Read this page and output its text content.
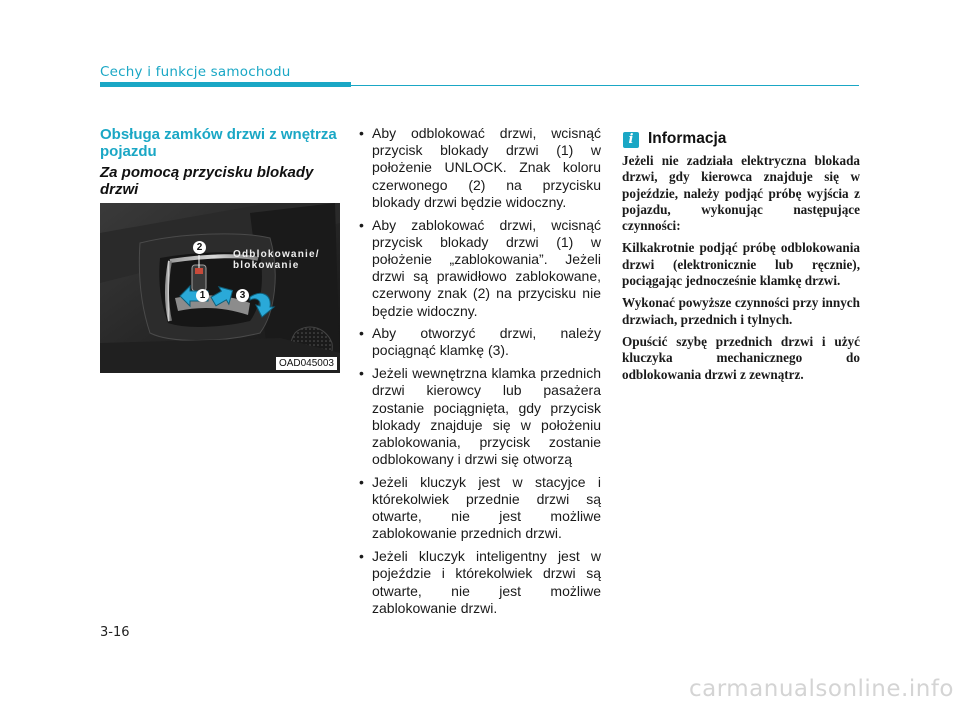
Cechy i funkcje samochodu
Obsługa zamków drzwi z wnętrza pojazdu
Za pomocą przycisku blokady drzwi
Odblokowanie/
blokowanie
2
1	3
OAD045003
• Aby odblokować drzwi, wcisnąć przycisk blokady drzwi (1) w położenie UNLOCK. Znak koloru czerwonego (2) na przycisku blokady drzwi będzie widoczny.
• Aby zablokować drzwi, wcisnąć przycisk blokady drzwi (1) w położenie „zablokowania”. Jeżeli drzwi są prawidłowo zablokowane, czerwony znak (2) na przycisku nie będzie widoczny.
• Aby otworzyć drzwi, należy pociągnąć klamkę (3).
• Jeżeli wewnętrzna klamka przednich drzwi kierowcy lub pasażera zostanie pociągnięta, gdy przycisk blokady znajduje się w położeniu zablokowania, przycisk zostanie odblokowany i drzwi się otworzą
• Jeżeli kluczyk jest w stacyjce i którekolwiek przednie drzwi są otwarte, nie jest możliwe zablokowanie przednich drzwi.
• Jeżeli kluczyk inteligentny jest w pojeździe i którekolwiek drzwi są otwarte, nie jest możliwe zablokowanie drzwi.
i Informacja

Jeżeli nie zadziała elektryczna blokada drzwi, gdy kierowca znajduje się w pojeździe, należy podjąć próbę wyjścia z pojazdu, wykonując następujące czynności:

Kilkakrotnie podjąć próbę odblokowania drzwi (elektronicznie lub ręcznie), pociągając jednocześnie klamkę drzwi.

Wykonać powyższe czynności przy innych drzwiach, przednich i tylnych.

Opuścić szybę przednich drzwi i użyć kluczyka mechanicznego do odblokowania drzwi z zewnątrz.

3-16
carmanualsonline.info
